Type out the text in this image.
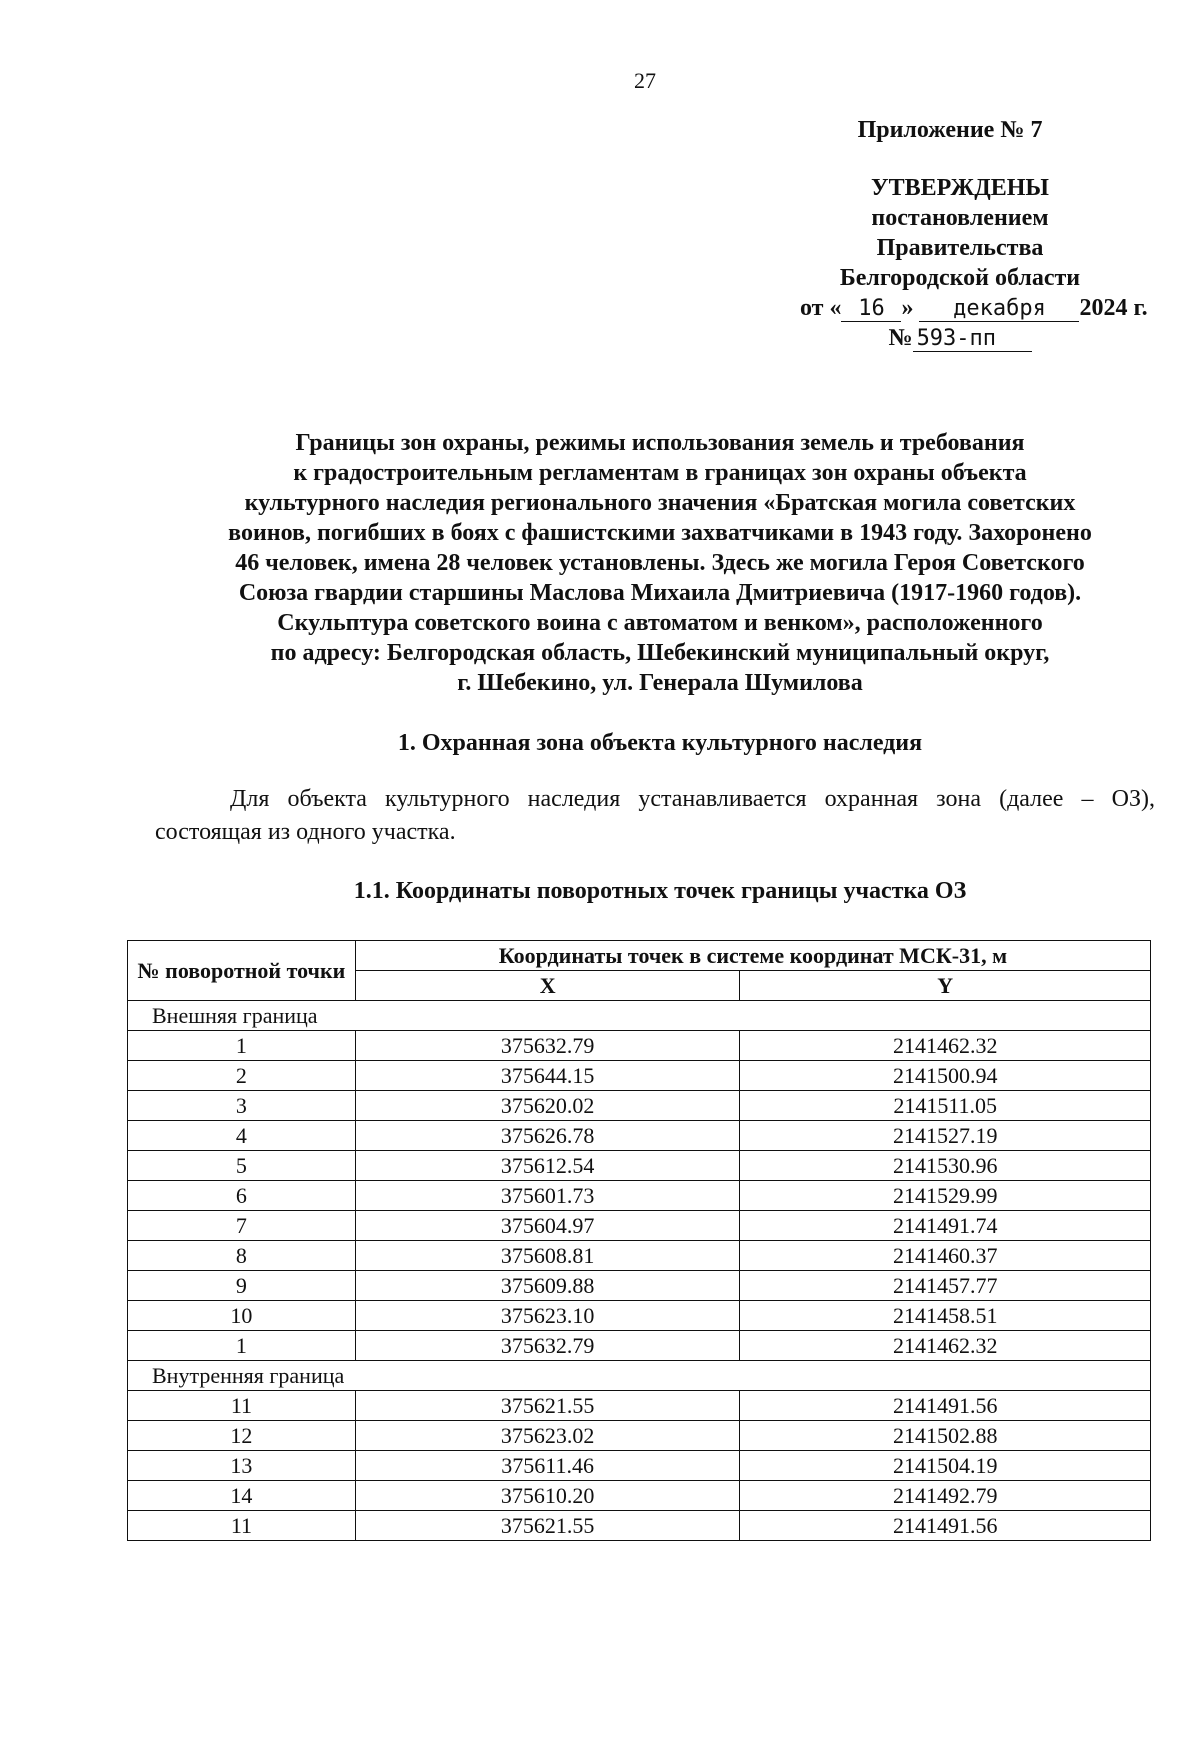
27
Приложение № 7
УТВЕРЖДЕНЫ
постановлением Правительства
Белгородской области
от « 16 » декабря 2024 г.
№ 593-пп
Границы зон охраны, режимы использования земель и требования
к градостроительным регламентам в границах зон охраны объекта
культурного наследия регионального значения «Братская могила советских
воинов, погибших в боях с фашистскими захватчиками в 1943 году. Захоронено
46 человек, имена 28 человек установлены. Здесь же могила Героя Советского
Союза гвардии старшины Маслова Михаила Дмитриевича (1917-1960 годов).
Скульптура советского воина с автоматом и венком», расположенного
по адресу: Белгородская область, Шебекинский муниципальный округ,
г. Шебекино, ул. Генерала Шумилова
1. Охранная зона объекта культурного наследия
Для объекта культурного наследия устанавливается охранная зона (далее – ОЗ), состоящая из одного участка.
1.1. Координаты поворотных точек границы участка ОЗ
№ поворотной точки	Координаты точек в системе координат МСК-31, м	
	X	Y
Внешняя граница		
1	375632.79	2141462.32
2	375644.15	2141500.94
3	375620.02	2141511.05
4	375626.78	2141527.19
5	375612.54	2141530.96
6	375601.73	2141529.99
7	375604.97	2141491.74
8	375608.81	2141460.37
9	375609.88	2141457.77
10	375623.10	2141458.51
1	375632.79	2141462.32
Внутренняя граница		
11	375621.55	2141491.56
12	375623.02	2141502.88
13	375611.46	2141504.19
14	375610.20	2141492.79
11	375621.55	2141491.56
